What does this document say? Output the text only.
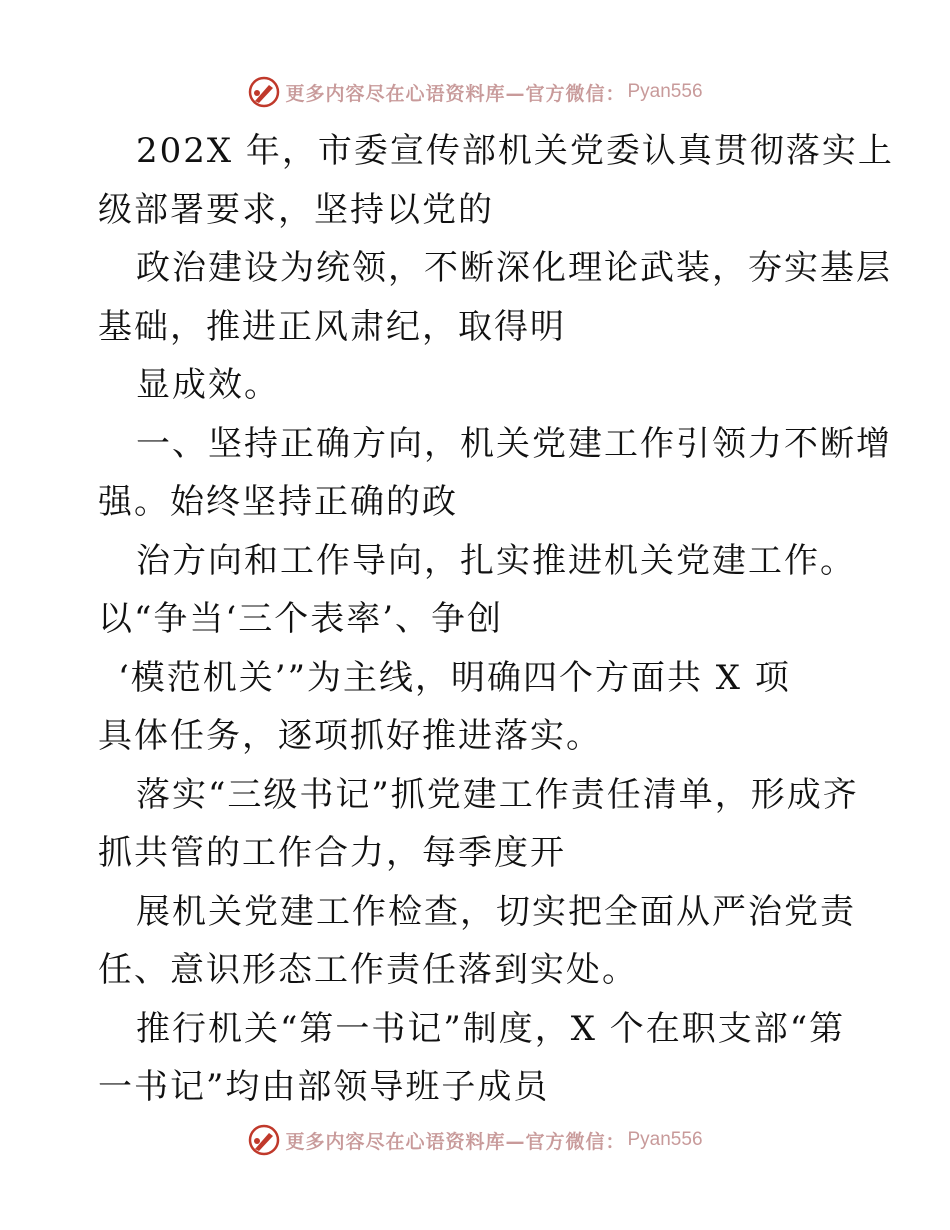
更多内容尽在心语资料库—官方微信： Pyan556
202X 年，市委宣传部机关党委认真贯彻落实上
级部署要求，坚持以党的
政治建设为统领，不断深化理论武装，夯实基层
基础，推进正风肃纪，取得明
显成效。
一、坚持正确方向，机关党建工作引领力不断增
强。始终坚持正确的政
治方向和工作导向，扎实推进机关党建工作。
以“争当‘三个表率’、争创
‘模范机关’”为主线，明确四个方面共 X 项
具体任务，逐项抓好推进落实。
落实“三级书记”抓党建工作责任清单，形成齐
抓共管的工作合力，每季度开
展机关党建工作检查，切实把全面从严治党责
任、意识形态工作责任落到实处。
推行机关“第一书记”制度，X 个在职支部“第
一书记”均由部领导班子成员
更多内容尽在心语资料库—官方微信： Pyan556
